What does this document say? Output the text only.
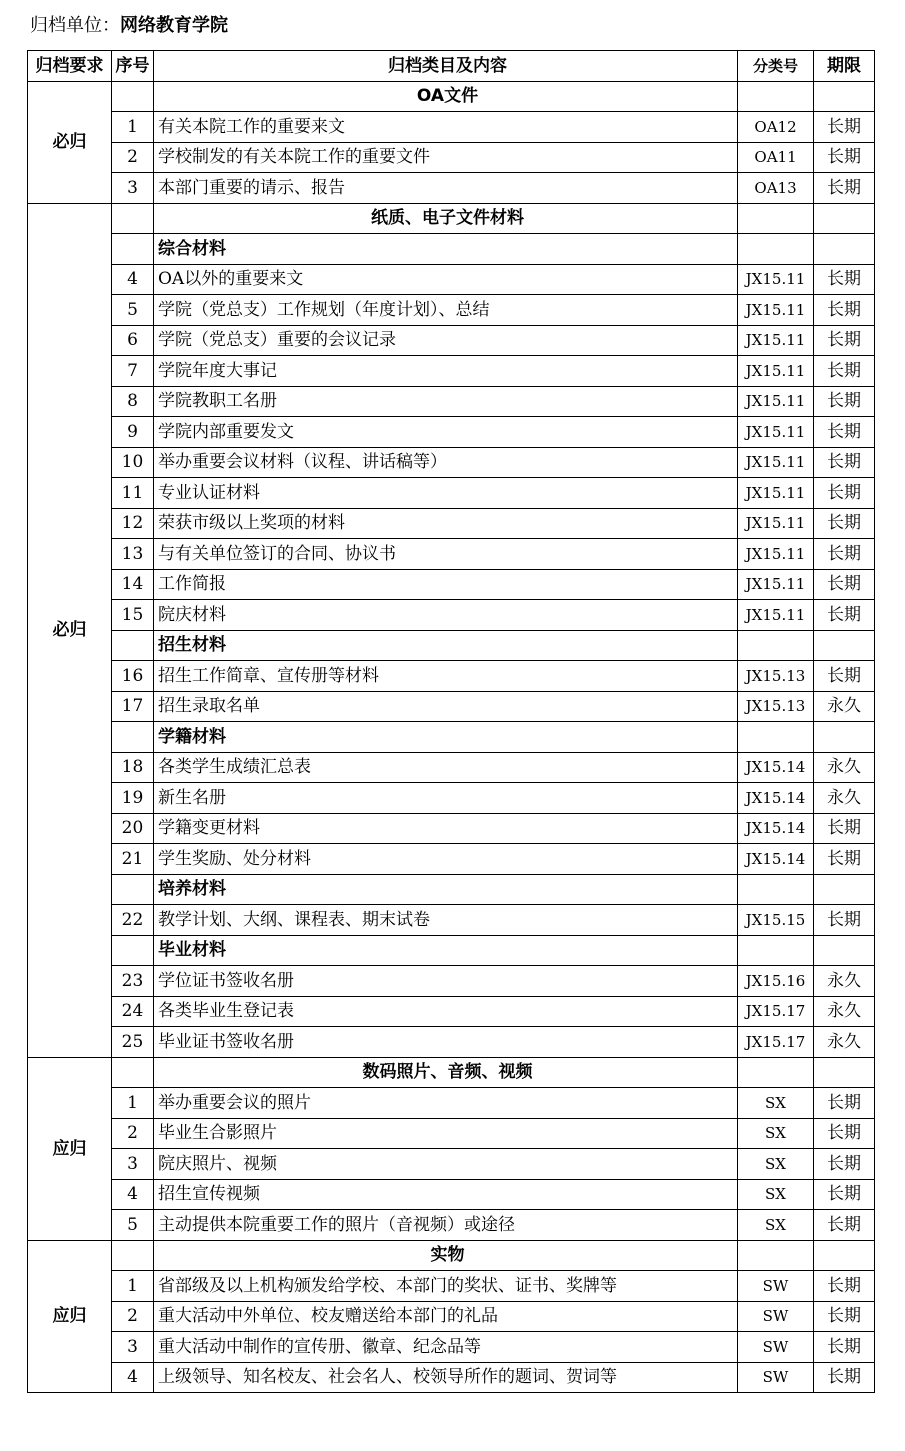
归档单位：网络教育学院
归档要求	序号	归档类目及内容	分类号	期限
必归		OA文件		
	1	有关本院工作的重要来文	OA12	长期
	2	学校制发的有关本院工作的重要文件	OA11	长期
	3	本部门重要的请示、报告	OA13	长期
必归		纸质、电子文件材料		
		综合材料		
	4	OA以外的重要来文	JX15.11	长期
	5	学院（党总支）工作规划（年度计划）、总结	JX15.11	长期
	6	学院（党总支）重要的会议记录	JX15.11	长期
	7	学院年度大事记	JX15.11	长期
	8	学院教职工名册	JX15.11	长期
	9	学院内部重要发文	JX15.11	长期
	10	举办重要会议材料（议程、讲话稿等）	JX15.11	长期
	11	专业认证材料	JX15.11	长期
	12	荣获市级以上奖项的材料	JX15.11	长期
	13	与有关单位签订的合同、协议书	JX15.11	长期
	14	工作简报	JX15.11	长期
	15	院庆材料	JX15.11	长期
		招生材料		
	16	招生工作简章、宣传册等材料	JX15.13	长期
	17	招生录取名单	JX15.13	永久
		学籍材料		
	18	各类学生成绩汇总表	JX15.14	永久
	19	新生名册	JX15.14	永久
	20	学籍变更材料	JX15.14	长期
	21	学生奖励、处分材料	JX15.14	长期
		培养材料		
	22	教学计划、大纲、课程表、期末试卷	JX15.15	长期
		毕业材料		
	23	学位证书签收名册	JX15.16	永久
	24	各类毕业生登记表	JX15.17	永久
	25	毕业证书签收名册	JX15.17	永久
应归		数码照片、音频、视频		
	1	举办重要会议的照片	SX	长期
	2	毕业生合影照片	SX	长期
	3	院庆照片、视频	SX	长期
	4	招生宣传视频	SX	长期
	5	主动提供本院重要工作的照片（音视频）或途径	SX	长期
应归		实物		
	1	省部级及以上机构颁发给学校、本部门的奖状、证书、奖牌等	SW	长期
	2	重大活动中外单位、校友赠送给本部门的礼品	SW	长期
	3	重大活动中制作的宣传册、徽章、纪念品等	SW	长期
	4	上级领导、知名校友、社会名人、校领导所作的题词、贺词等	SW	长期
